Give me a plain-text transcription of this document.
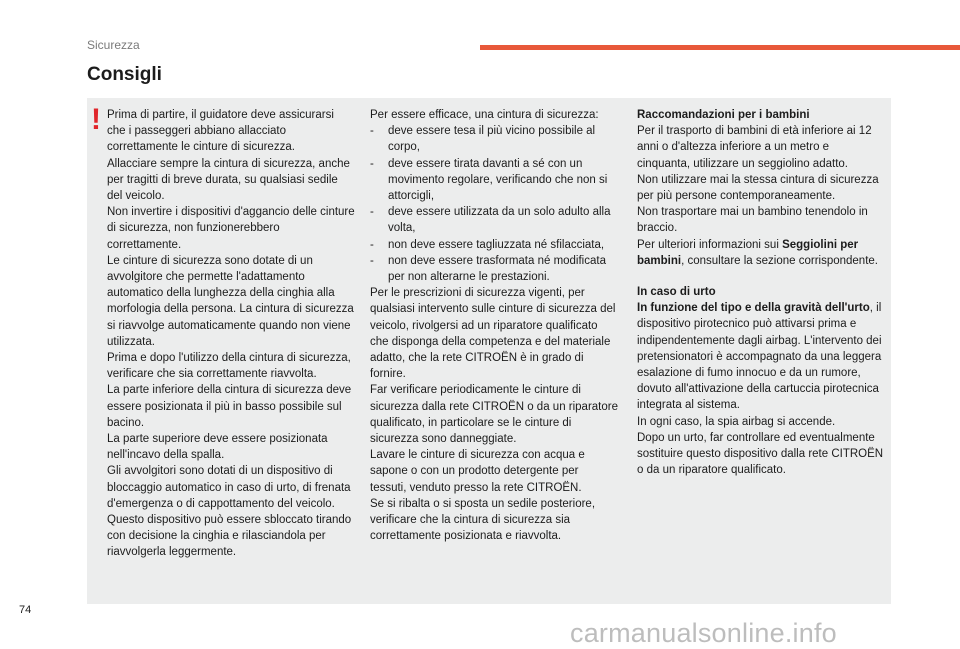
Sicurezza
Consigli
! Prima di partire, il guidatore deve assicurarsi che i passeggeri abbiano allacciato correttamente le cinture di sicurezza.

Allacciare sempre la cintura di sicurezza, anche per tragitti di breve durata, su qualsiasi sedile del veicolo.

Non invertire i dispositivi d'aggancio delle cinture di sicurezza, non funzionerebbero correttamente.

Le cinture di sicurezza sono dotate di un avvolgitore che permette l'adattamento automatico della lunghezza della cinghia alla morfologia della persona. La cintura di sicurezza si riavvolge automaticamente quando non viene utilizzata.

Prima e dopo l'utilizzo della cintura di sicurezza, verificare che sia correttamente riavvolta.

La parte inferiore della cintura di sicurezza deve essere posizionata il più in basso possibile sul bacino.

La parte superiore deve essere posizionata nell'incavo della spalla.

Gli avvolgitori sono dotati di un dispositivo di bloccaggio automatico in caso di urto, di frenata d'emergenza o di cappottamento del veicolo. Questo dispositivo può essere sbloccato tirando con decisione la cinghia e rilasciandola per riavvolgerla leggermente.

Per essere efficace, una cintura di sicurezza:

- deve essere tesa il più vicino possibile al corpo,

- deve essere tirata davanti a sé con un movimento regolare, verificando che non si attorcigli,

- deve essere utilizzata da un solo adulto alla volta,

- non deve essere tagliuzzata né sfilacciata,

- non deve essere trasformata né modificata per non alterarne le prestazioni.

Per le prescrizioni di sicurezza vigenti, per qualsiasi intervento sulle cinture di sicurezza del veicolo, rivolgersi ad un riparatore qualificato che disponga della competenza e del materiale adatto, che la rete CITROËN è in grado di fornire.

Far verificare periodicamente le cinture di sicurezza dalla rete CITROËN o da un riparatore qualificato, in particolare se le cinture di sicurezza sono danneggiate.

Lavare le cinture di sicurezza con acqua e sapone o con un prodotto detergente per tessuti, venduto presso la rete CITROËN.

Se si ribalta o si sposta un sedile posteriore, verificare che la cintura di sicurezza sia correttamente posizionata e riavvolta.

Raccomandazioni per i bambini

Per il trasporto di bambini di età inferiore ai 12 anni o d'altezza inferiore a un metro e cinquanta, utilizzare un seggiolino adatto.

Non utilizzare mai la stessa cintura di sicurezza per più persone contemporaneamente.

Non trasportare mai un bambino tenendolo in braccio.

Per ulteriori informazioni sui Seggiolini per bambini, consultare la sezione corrispondente.

In caso di urto

In funzione del tipo e della gravità dell'urto, il dispositivo pirotecnico può attivarsi prima e indipendentemente dagli airbag. L'intervento dei pretensionatori è accompagnato da una leggera esalazione di fumo innocuo e da un rumore, dovuto all'attivazione della cartuccia pirotecnica integrata al sistema.

In ogni caso, la spia airbag si accende.

Dopo un urto, far controllare ed eventualmente sostituire questo dispositivo dalla rete CITROËN o da un riparatore qualificato.

74
carmanualsonline.info
